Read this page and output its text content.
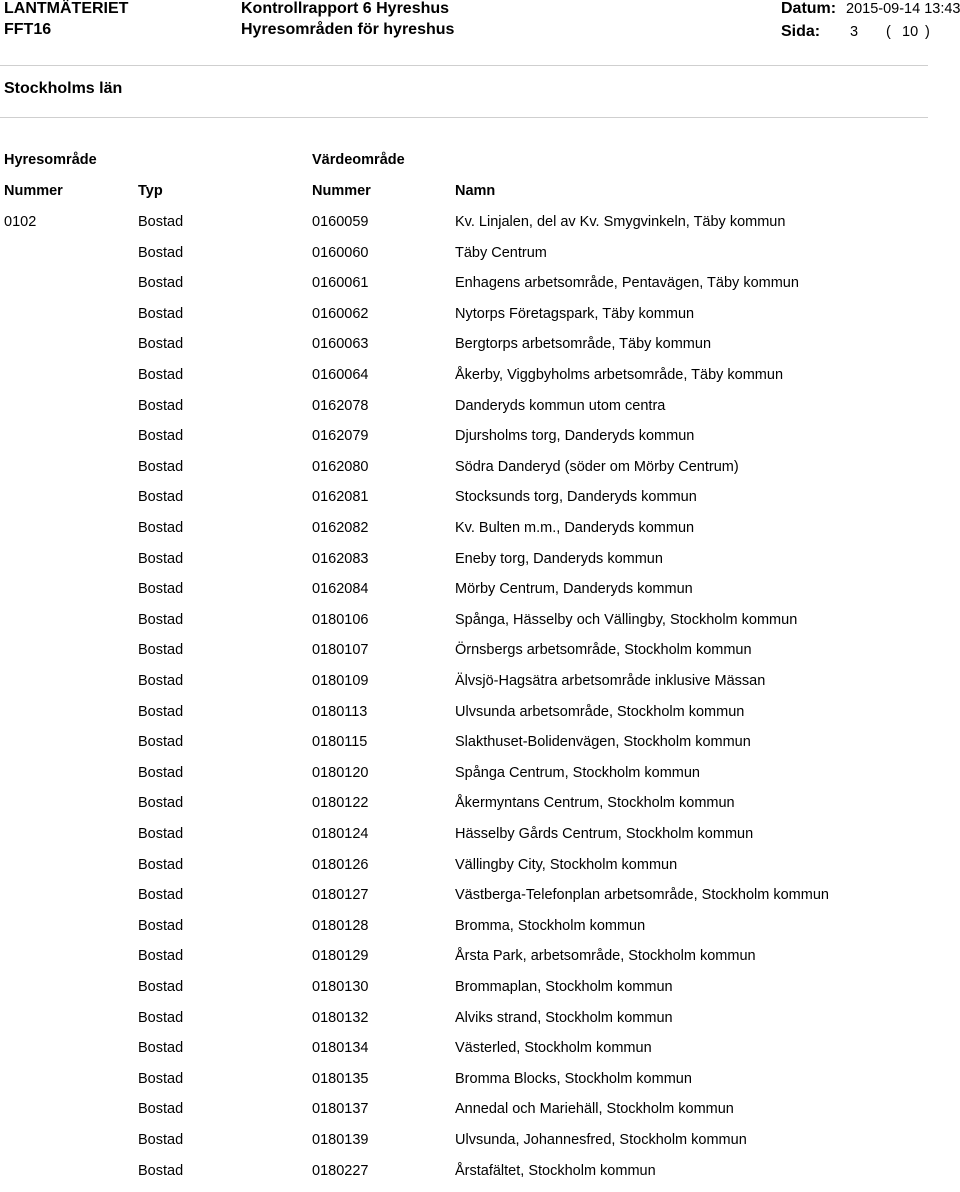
LANTMÄTERIET
FFT16
Kontrollrapport 6 Hyreshus
Hyresområden för hyreshus
Datum: 2015-09-14 13:43
Sida: 3 ( 10 )
Stockholms län
Hyresområde	Värdeområde
Nummer	Typ	Nummer	Namn
0102	Bostad	0160059	Kv. Linjalen, del av Kv. Smygvinkeln, Täby kommun
Bostad	0160060	Täby Centrum
Bostad	0160061	Enhagens arbetsområde, Pentavägen, Täby kommun
Bostad	0160062	Nytorps Företagspark, Täby kommun
Bostad	0160063	Bergtorps arbetsområde, Täby kommun
Bostad	0160064	Åkerby, Viggbyholms arbetsområde, Täby kommun
Bostad	0162078	Danderyds kommun utom centra
Bostad	0162079	Djursholms torg, Danderyds kommun
Bostad	0162080	Södra Danderyd (söder om Mörby Centrum)
Bostad	0162081	Stocksunds torg, Danderyds kommun
Bostad	0162082	Kv. Bulten m.m., Danderyds kommun
Bostad	0162083	Eneby torg, Danderyds kommun
Bostad	0162084	Mörby Centrum, Danderyds kommun
Bostad	0180106	Spånga, Hässelby och Vällingby, Stockholm kommun
Bostad	0180107	Örnsbergs arbetsområde, Stockholm kommun
Bostad	0180109	Älvsjö-Hagsätra arbetsområde inklusive Mässan
Bostad	0180113	Ulvsunda arbetsområde, Stockholm kommun
Bostad	0180115	Slakthuset-Bolidenvägen, Stockholm kommun
Bostad	0180120	Spånga Centrum, Stockholm kommun
Bostad	0180122	Åkermyntans Centrum, Stockholm kommun
Bostad	0180124	Hässelby Gårds Centrum, Stockholm kommun
Bostad	0180126	Vällingby City, Stockholm kommun
Bostad	0180127	Västberga-Telefonplan arbetsområde, Stockholm kommun
Bostad	0180128	Bromma, Stockholm kommun
Bostad	0180129	Årsta Park, arbetsområde, Stockholm kommun
Bostad	0180130	Brommaplan, Stockholm kommun
Bostad	0180132	Alviks strand, Stockholm kommun
Bostad	0180134	Västerled, Stockholm kommun
Bostad	0180135	Bromma Blocks, Stockholm kommun
Bostad	0180137	Annedal och Mariehäll, Stockholm kommun
Bostad	0180139	Ulvsunda, Johannesfred, Stockholm kommun
Bostad	0180227	Årstafältet, Stockholm kommun
